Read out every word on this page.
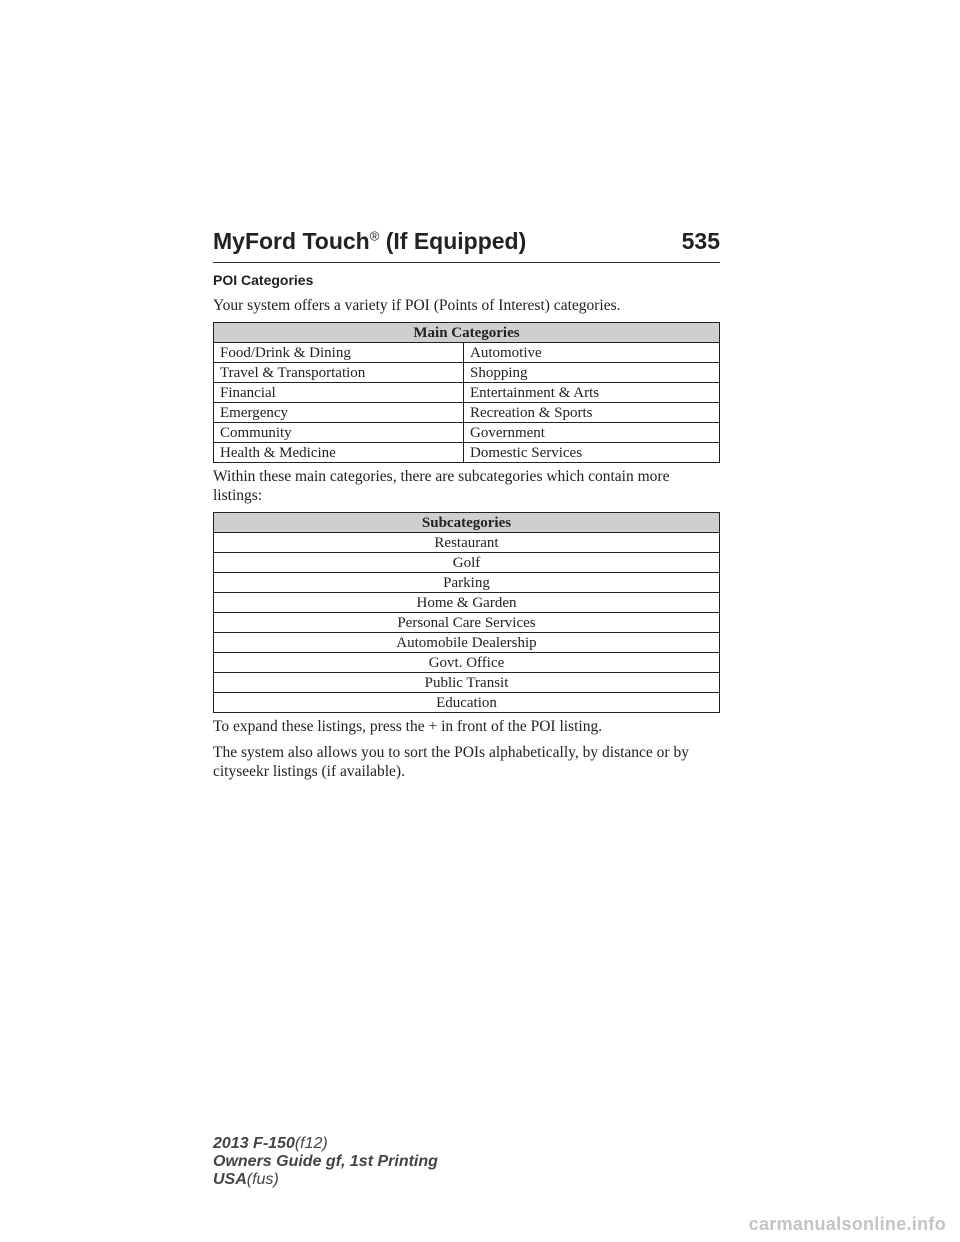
MyFord Touch® (If Equipped)	535
POI Categories

Your system offers a variety if POI (Points of Interest) categories.

Main Categories	
Food/Drink & Dining	Automotive
Travel & Transportation	Shopping
Financial	Entertainment & Arts
Emergency	Recreation & Sports
Community	Government
Health & Medicine	Domestic Services

Within these main categories, there are subcategories which contain more listings:

Subcategories
Restaurant
Golf
Parking
Home & Garden
Personal Care Services
Automobile Dealership
Govt. Office
Public Transit
Education

To expand these listings, press the + in front of the POI listing.

The system also allows you to sort the POIs alphabetically, by distance or by cityseekr listings (if available).

2013 F-150(f12)
Owners Guide gf, 1st Printing
USA(fus)
carmanualsonline.info
